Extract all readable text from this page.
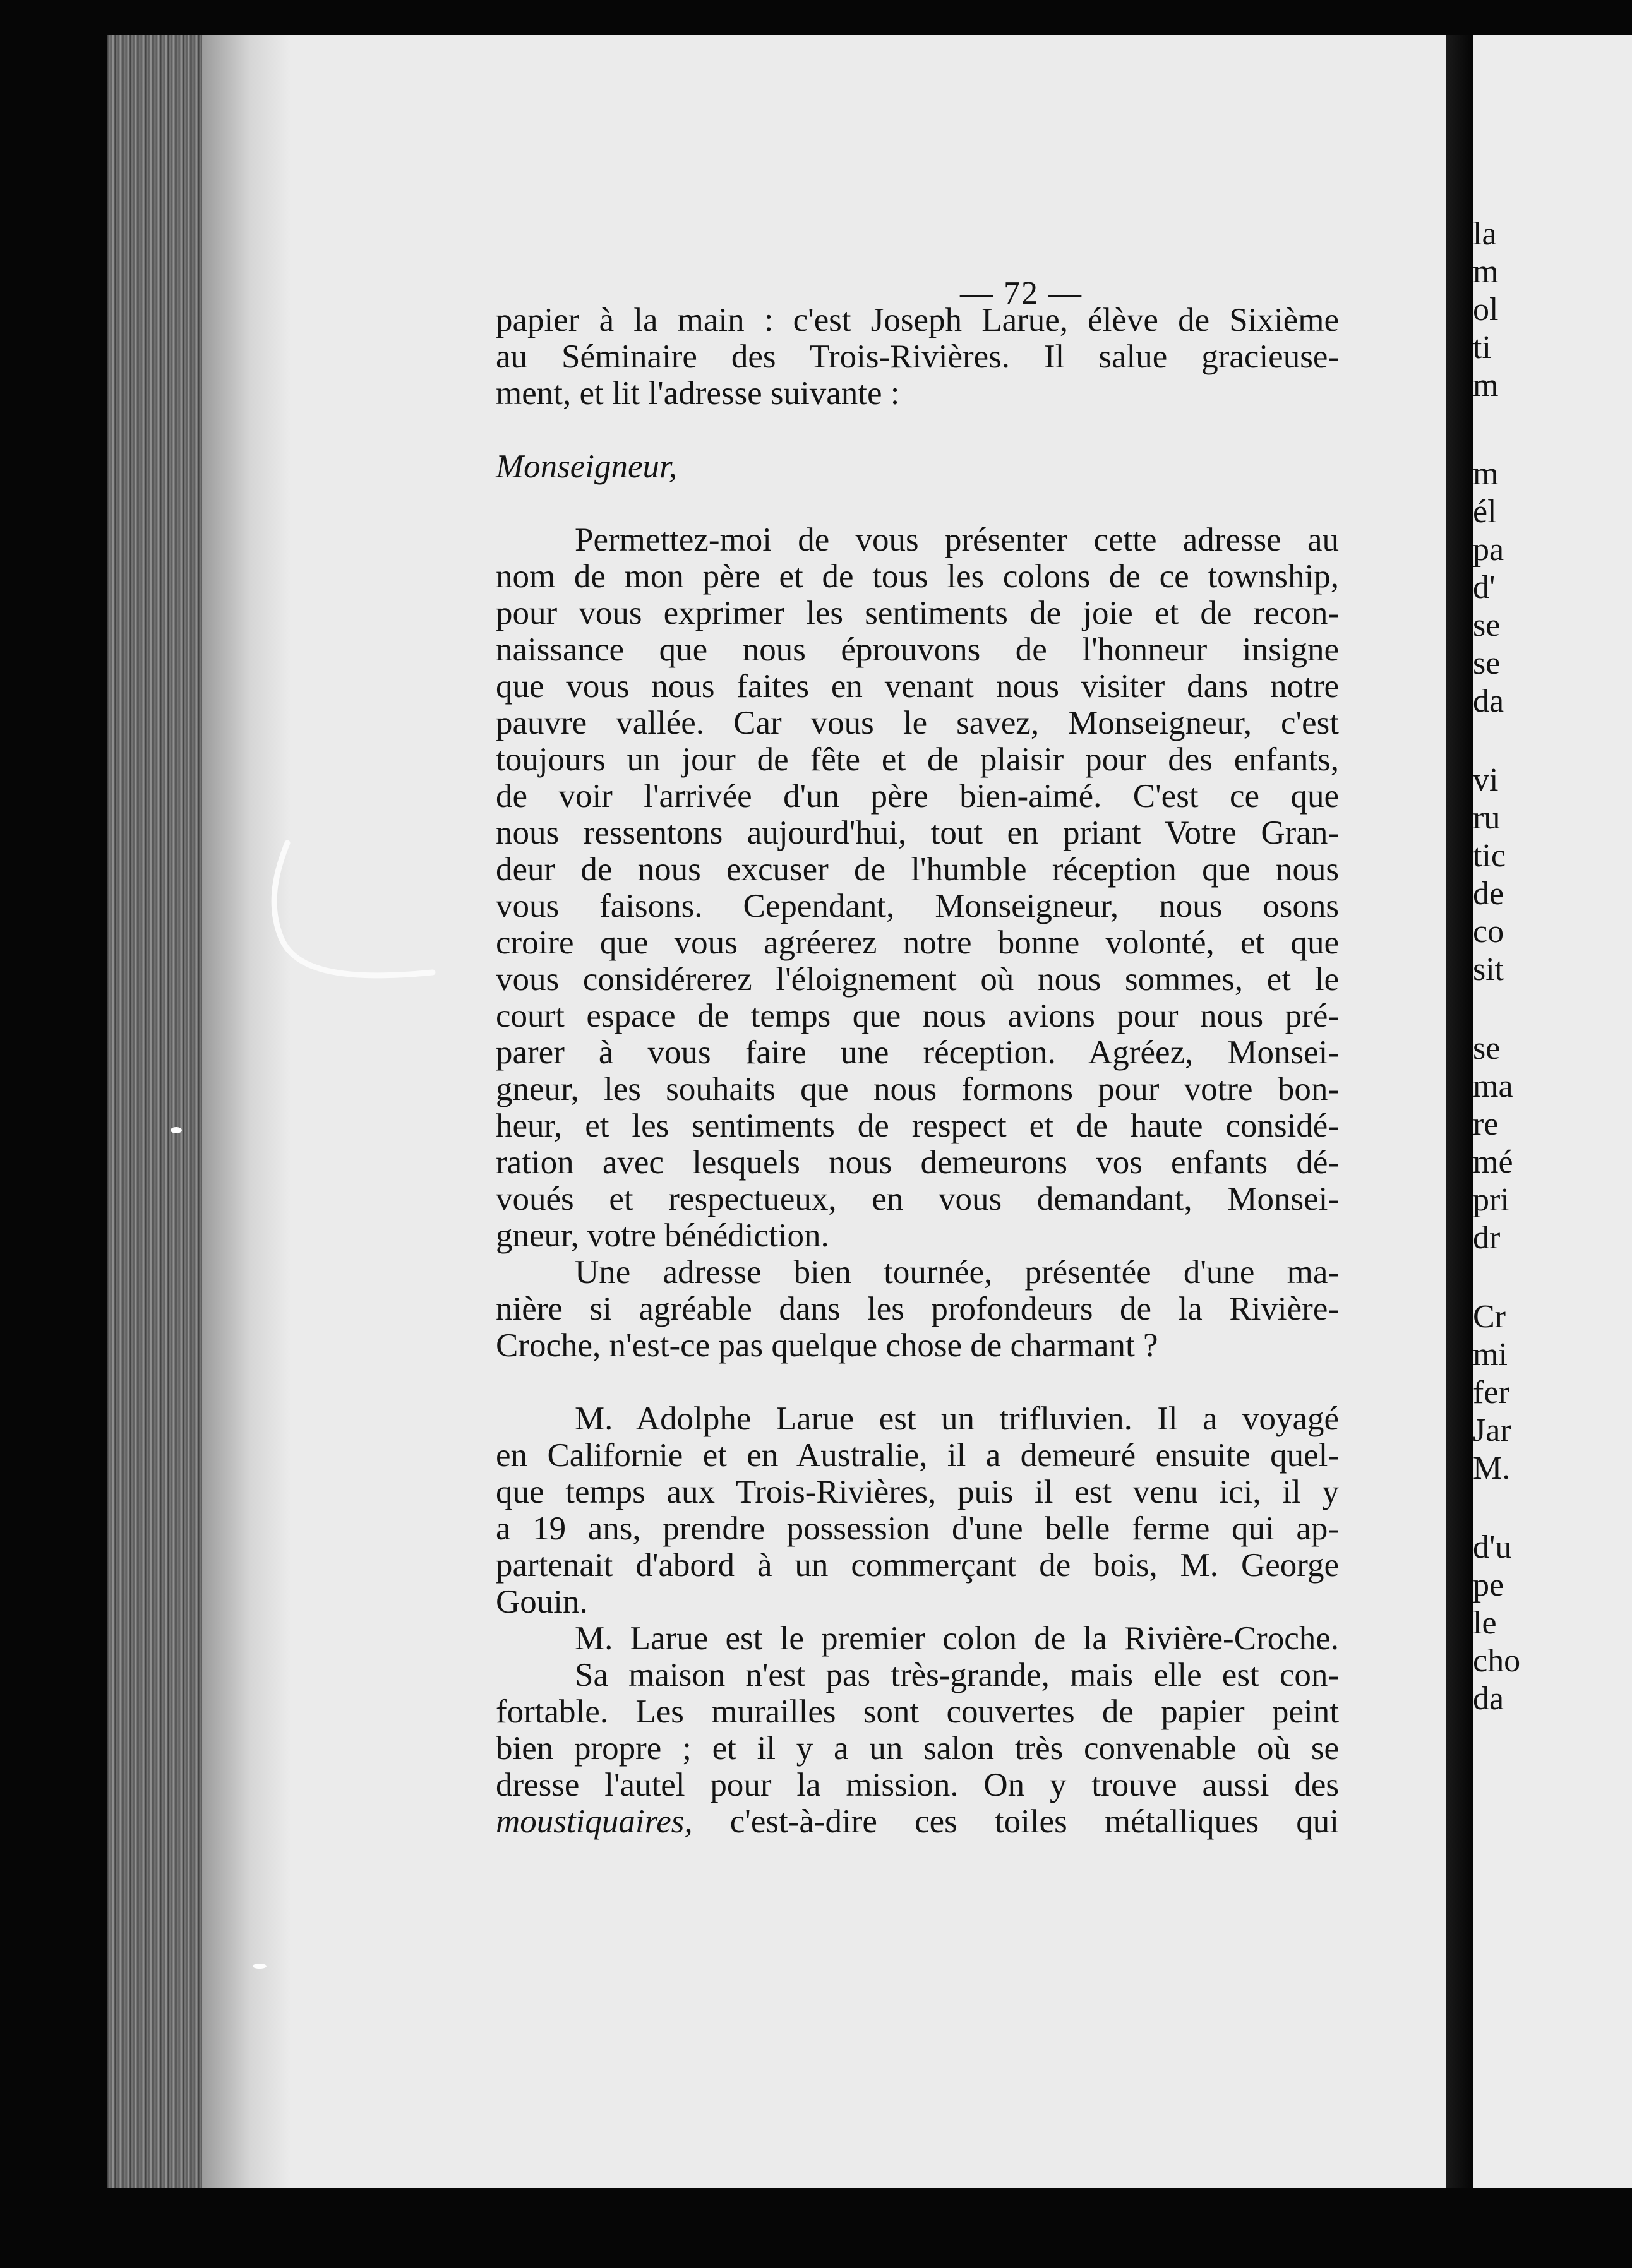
— 72 —
papier à la main : c'est Joseph Larue, élève de Sixième
au Séminaire des Trois-Rivières. Il salue gracieuse-
ment, et lit l'adresse suivante :
Monseigneur,
Permettez-moi de vous présenter cette adresse au
nom de mon père et de tous les colons de ce township,
pour vous exprimer les sentiments de joie et de recon-
naissance que nous éprouvons de l'honneur insigne
que vous nous faites en venant nous visiter dans notre
pauvre vallée. Car vous le savez, Monseigneur, c'est
toujours un jour de fête et de plaisir pour des enfants,
de voir l'arrivée d'un père bien-aimé. C'est ce que
nous ressentons aujourd'hui, tout en priant Votre Gran-
deur de nous excuser de l'humble réception que nous
vous faisons. Cependant, Monseigneur, nous osons
croire que vous agréerez notre bonne volonté, et que
vous considérerez l'éloignement où nous sommes, et le
court espace de temps que nous avions pour nous pré-
parer à vous faire une réception. Agréez, Monsei-
gneur, les souhaits que nous formons pour votre bon-
heur, et les sentiments de respect et de haute considé-
ration avec lesquels nous demeurons vos enfants dé-
voués et respectueux, en vous demandant, Monsei-
gneur, votre bénédiction.
Une adresse bien tournée, présentée d'une ma-
nière si agréable dans les profondeurs de la Rivière-
Croche, n'est-ce pas quelque chose de charmant ?
M. Adolphe Larue est un trifluvien. Il a voyagé
en Californie et en Australie, il a demeuré ensuite quel-
que temps aux Trois-Rivières, puis il est venu ici, il y
a 19 ans, prendre possession d'une belle ferme qui ap-
partenait d'abord à un commerçant de bois, M. George
Gouin.
M. Larue est le premier colon de la Rivière-Croche.
Sa maison n'est pas très-grande, mais elle est con-
fortable. Les murailles sont couvertes de papier peint
bien propre ; et il y a un salon très convenable où se
dresse l'autel pour la mission. On y trouve aussi des
moustiquaires, c'est-à-dire ces toiles métalliques qui
la
m
ol
ti
m
m
él
pa
d'
se
se
da
vi
ru
tic
de
co
sit
se
ma
re
mé
pri
dr
Cr
mi
fer
Jar
M.
d'u
pe
le
cho
da
